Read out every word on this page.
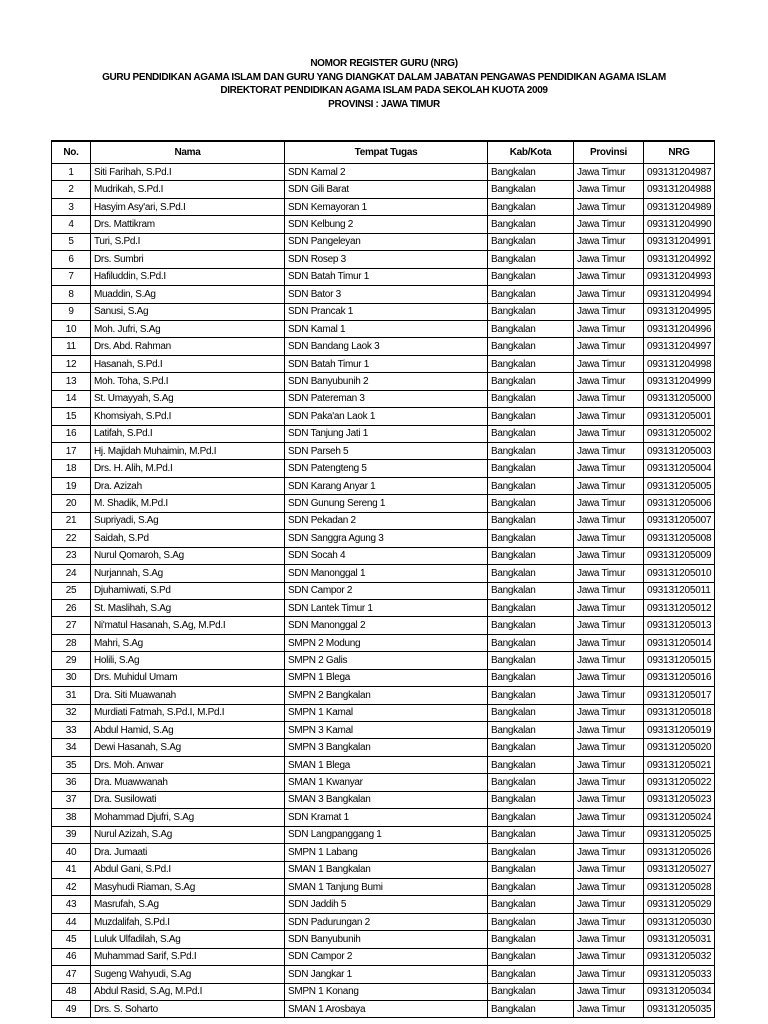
NOMOR REGISTER GURU (NRG)
GURU PENDIDIKAN AGAMA ISLAM DAN GURU YANG DIANGKAT DALAM JABATAN PENGAWAS PENDIDIKAN AGAMA ISLAM
DIREKTORAT PENDIDIKAN AGAMA ISLAM PADA SEKOLAH KUOTA 2009
PROVINSI : JAWA TIMUR
No.	Nama	Tempat Tugas	Kab/Kota	Provinsi	NRG
1	Siti Farihah, S.Pd.I	SDN Kamal 2	Bangkalan	Jawa Timur	093131204987
2	Mudrikah, S.Pd.I	SDN Gili Barat	Bangkalan	Jawa Timur	093131204988
3	Hasyim Asy'ari, S.Pd.I	SDN Kemayoran 1	Bangkalan	Jawa Timur	093131204989
4	Drs. Mattikram	SDN Kelbung 2	Bangkalan	Jawa Timur	093131204990
5	Turi, S.Pd.I	SDN Pangeleyan	Bangkalan	Jawa Timur	093131204991
6	Drs. Sumbri	SDN Rosep 3	Bangkalan	Jawa Timur	093131204992
7	Hafiluddin, S.Pd.I	SDN Batah Timur 1	Bangkalan	Jawa Timur	093131204993
8	Muaddin, S.Ag	SDN Bator 3	Bangkalan	Jawa Timur	093131204994
9	Sanusi, S.Ag	SDN Prancak 1	Bangkalan	Jawa Timur	093131204995
10	Moh. Jufri, S.Ag	SDN Kamal 1	Bangkalan	Jawa Timur	093131204996
11	Drs. Abd. Rahman	SDN Bandang Laok 3	Bangkalan	Jawa Timur	093131204997
12	Hasanah, S.Pd.I	SDN Batah Timur 1	Bangkalan	Jawa Timur	093131204998
13	Moh. Toha, S.Pd.I	SDN Banyubunih 2	Bangkalan	Jawa Timur	093131204999
14	St. Umayyah, S.Ag	SDN Patereman 3	Bangkalan	Jawa Timur	093131205000
15	Khomsiyah, S.Pd.I	SDN Paka'an Laok 1	Bangkalan	Jawa Timur	093131205001
16	Latifah, S.Pd.I	SDN Tanjung Jati 1	Bangkalan	Jawa Timur	093131205002
17	Hj. Majidah Muhaimin, M.Pd.I	SDN Parseh 5	Bangkalan	Jawa Timur	093131205003
18	Drs. H. Alih, M.Pd.I	SDN Patengteng 5	Bangkalan	Jawa Timur	093131205004
19	Dra. Azizah	SDN Karang Anyar 1	Bangkalan	Jawa Timur	093131205005
20	M. Shadik, M.Pd.I	SDN Gunung Sereng 1	Bangkalan	Jawa Timur	093131205006
21	Supriyadi, S.Ag	SDN Pekadan 2	Bangkalan	Jawa Timur	093131205007
22	Saidah, S.Pd	SDN Sanggra Agung 3	Bangkalan	Jawa Timur	093131205008
23	Nurul Qomaroh, S.Ag	SDN Socah 4	Bangkalan	Jawa Timur	093131205009
24	Nurjannah, S.Ag	SDN Manonggal 1	Bangkalan	Jawa Timur	093131205010
25	Djuhamiwati, S.Pd	SDN Campor 2	Bangkalan	Jawa Timur	093131205011
26	St. Maslihah, S.Ag	SDN Lantek Timur 1	Bangkalan	Jawa Timur	093131205012
27	Ni'matul Hasanah, S.Ag, M.Pd.I	SDN Manonggal 2	Bangkalan	Jawa Timur	093131205013
28	Mahri, S.Ag	SMPN 2 Modung	Bangkalan	Jawa Timur	093131205014
29	Holili, S.Ag	SMPN 2 Galis	Bangkalan	Jawa Timur	093131205015
30	Drs. Muhidul Umam	SMPN 1 Blega	Bangkalan	Jawa Timur	093131205016
31	Dra. Siti Muawanah	SMPN 2 Bangkalan	Bangkalan	Jawa Timur	093131205017
32	Murdiati Fatmah, S.Pd.I, M.Pd.I	SMPN 1 Kamal	Bangkalan	Jawa Timur	093131205018
33	Abdul Hamid, S.Ag	SMPN 3 Kamal	Bangkalan	Jawa Timur	093131205019
34	Dewi Hasanah, S.Ag	SMPN 3 Bangkalan	Bangkalan	Jawa Timur	093131205020
35	Drs. Moh. Anwar	SMAN 1 Blega	Bangkalan	Jawa Timur	093131205021
36	Dra. Muawwanah	SMAN 1 Kwanyar	Bangkalan	Jawa Timur	093131205022
37	Dra. Susilowati	SMAN 3 Bangkalan	Bangkalan	Jawa Timur	093131205023
38	Mohammad Djufri, S.Ag	SDN Kramat 1	Bangkalan	Jawa Timur	093131205024
39	Nurul Azizah, S.Ag	SDN Langpanggang 1	Bangkalan	Jawa Timur	093131205025
40	Dra. Jumaati	SMPN 1 Labang	Bangkalan	Jawa Timur	093131205026
41	Abdul Gani, S.Pd.I	SMAN 1 Bangkalan	Bangkalan	Jawa Timur	093131205027
42	Masyhudi Riaman, S.Ag	SMAN 1 Tanjung Bumi	Bangkalan	Jawa Timur	093131205028
43	Masrufah, S.Ag	SDN Jaddih 5	Bangkalan	Jawa Timur	093131205029
44	Muzdalifah, S.Pd.I	SDN Padurungan 2	Bangkalan	Jawa Timur	093131205030
45	Luluk Ulfadilah, S.Ag	SDN Banyubunih	Bangkalan	Jawa Timur	093131205031
46	Muhammad Sarif, S.Pd.I	SDN Campor 2	Bangkalan	Jawa Timur	093131205032
47	Sugeng Wahyudi, S.Ag	SDN Jangkar 1	Bangkalan	Jawa Timur	093131205033
48	Abdul Rasid, S.Ag, M.Pd.I	SMPN 1 Konang	Bangkalan	Jawa Timur	093131205034
49	Drs. S. Soharto	SMAN 1 Arosbaya	Bangkalan	Jawa Timur	093131205035
